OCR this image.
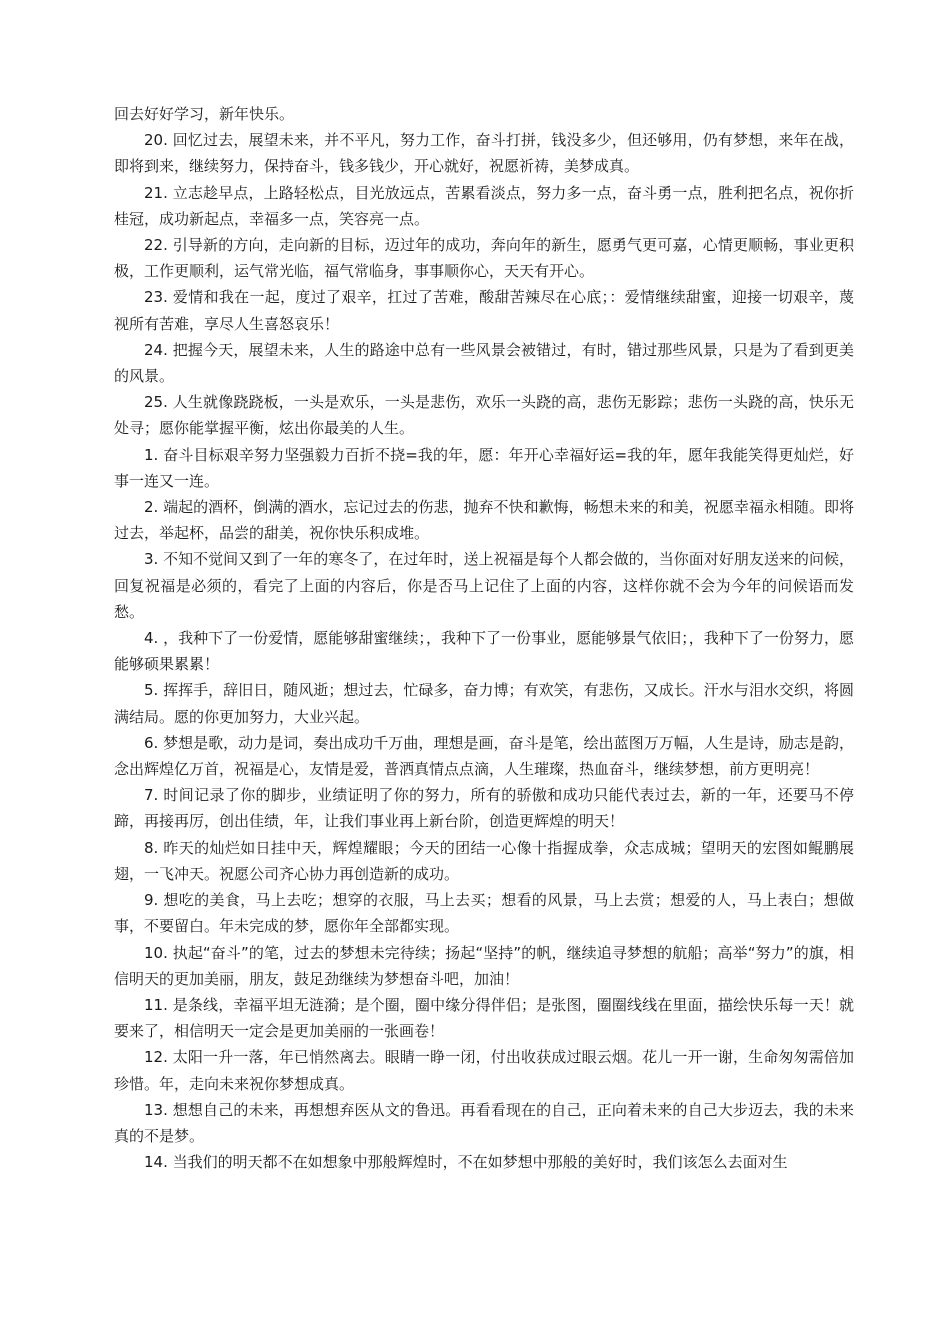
回去好好学习，新年快乐。

20. 回忆过去，展望未来，并不平凡，努力工作，奋斗打拼，钱没多少，但还够用，仍有梦想，来年在战，即将到来，继续努力，保持奋斗，钱多钱少，开心就好，祝愿祈祷，美梦成真。

21. 立志趁早点，上路轻松点，目光放远点，苦累看淡点，努力多一点，奋斗勇一点，胜利把名点，祝你折桂冠，成功新起点，幸福多一点，笑容亮一点。

22. 引导新的方向，走向新的目标，迈过年的成功，奔向年的新生，愿勇气更可嘉，心情更顺畅，事业更积极，工作更顺利，运气常光临，福气常临身，事事顺你心，天天有开心。

23. 爱情和我在一起，度过了艰辛，扛过了苦难，酸甜苦辣尽在心底；：爱情继续甜蜜，迎接一切艰辛，蔑视所有苦难，享尽人生喜怒哀乐！

24. 把握今天，展望未来，人生的路途中总有一些风景会被错过，有时，错过那些风景，只是为了看到更美的风景。

25. 人生就像跷跷板，一头是欢乐，一头是悲伤，欢乐一头跷的高，悲伤无影踪；悲伤一头跷的高，快乐无处寻；愿你能掌握平衡，炫出你最美的人生。

1. 奋斗目标艰辛努力坚强毅力百折不挠=我的年，愿：年开心幸福好运=我的年，愿年我能笑得更灿烂，好事一连又一连。

2. 端起的酒杯，倒满的酒水，忘记过去的伤悲，抛弃不快和歉悔，畅想未来的和美，祝愿幸福永相随。即将过去，举起杯，品尝的甜美，祝你快乐积成堆。

3. 不知不觉间又到了一年的寒冬了，在过年时，送上祝福是每个人都会做的，当你面对好朋友送来的问候，回复祝福是必须的，看完了上面的内容后，你是否马上记住了上面的内容，这样你就不会为今年的问候语而发愁。

4. ，我种下了一份爱情，愿能够甜蜜继续；，我种下了一份事业，愿能够景气依旧；，我种下了一份努力，愿能够硕果累累！

5. 挥挥手，辞旧日，随风逝；想过去，忙碌多，奋力博；有欢笑，有悲伤，又成长。汗水与泪水交织，将圆满结局。愿的你更加努力，大业兴起。

6. 梦想是歌，动力是词，奏出成功千万曲，理想是画，奋斗是笔，绘出蓝图万万幅，人生是诗，励志是韵，念出辉煌亿万首，祝福是心，友情是爱，普洒真情点点滴，人生璀璨，热血奋斗，继续梦想，前方更明亮！

7. 时间记录了你的脚步，业绩证明了你的努力，所有的骄傲和成功只能代表过去，新的一年，还要马不停蹄，再接再厉，创出佳绩，年，让我们事业再上新台阶，创造更辉煌的明天！

8. 昨天的灿烂如日挂中天，辉煌耀眼；今天的团结一心像十指握成拳，众志成城；望明天的宏图如鲲鹏展翅，一飞冲天。祝愿公司齐心协力再创造新的成功。

9. 想吃的美食，马上去吃；想穿的衣服，马上去买；想看的风景，马上去赏；想爱的人，马上表白；想做事，不要留白。年未完成的梦，愿你年全部都实现。

10. 执起“奋斗”的笔，过去的梦想未完待续；扬起“坚持”的帆，继续追寻梦想的航船；高举“努力”的旗，相信明天的更加美丽，朋友，鼓足劲继续为梦想奋斗吧，加油！

11. 是条线，幸福平坦无涟漪；是个圈，圈中缘分得伴侣；是张图，圈圈线线在里面，描绘快乐每一天！就要来了，相信明天一定会是更加美丽的一张画卷！

12. 太阳一升一落，年已悄然离去。眼睛一睁一闭，付出收获成过眼云烟。花儿一开一谢，生命匆匆需倍加珍惜。年，走向未来祝你梦想成真。

13. 想想自己的未来，再想想弃医从文的鲁迅。再看看现在的自己，正向着未来的自己大步迈去，我的未来真的不是梦。

14. 当我们的明天都不在如想象中那般辉煌时，不在如梦想中那般的美好时，我们该怎么去面对生
